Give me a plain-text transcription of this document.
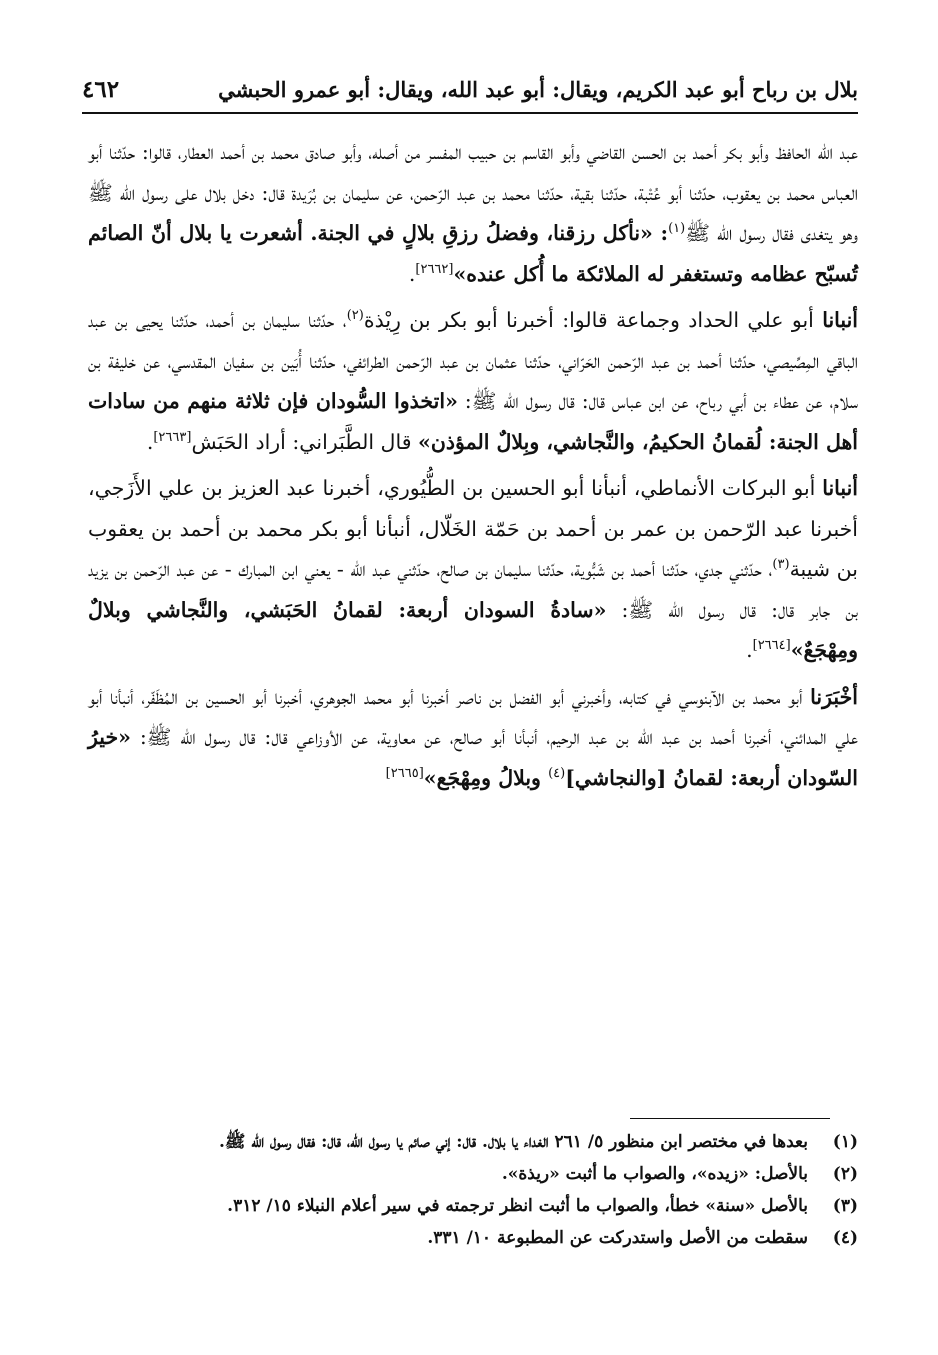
بلال بن رباح أبو عبد الكريم، ويقال: أبو عبد الله، ويقال: أبو عمرو الحبشي
٤٦٢

عبد الله الحافظ وأبو بكر أحمد بن الحسن القاضي وأبو القاسم بن حبيب المفسر من أصله، وأبو صادق محمد بن أحمد العطار، قالوا: حدّثنا أبو العباس محمد بن يعقوب، حدّثنا أبو عُتْبة، حدّثنا بقية، حدّثنا محمد بن عبد الرّحمن، عن سليمان بن بُرَيدة قال: دخل بلال على رسول الله ﷺ وهو يتغدى فقال رسول الله ﷺ$^{(١)}$: «نأكل رزقنا، وفضلُ رزقِ بلالٍ في الجنة. أشعرت يا بلال أنّ الصائم تُسبّح عظامه وتستغفر له الملائكة ما أُكل عنده»[٢٦٦٢].

أنبانا أبو علي الحداد وجماعة قالوا: أخبرنا أبو بكر بن رِيْذة$^{(٢)}$، حدّثنا سليمان بن أحمد، حدّثنا يحيى بن عبد الباقي المِصِّيصي، حدّثنا أحمد بن عبد الرّحمن الحَرّاني، حدّثنا عثمان بن عبد الرّحمن الطرائفي، حدّثنا أُبَين بن سفيان المقدسي، عن خليفة بن سلام، عن عطاء بن أبي رباح، عن ابن عباس قال: قال رسول الله ﷺ: «اتخذوا السُّودان فإن ثلاثة منهم من سادات أهل الجنة: لُقمانُ الحكيمُ، والنَّجاشي، وبِلالٌ المؤذن» قال الطَّبَراني: أراد الحَبَش[٢٦٦٣].

أنبانا أبو البركات الأنماطي، أنبأنا أبو الحسين بن الطُّيُوري، أخبرنا عبد العزيز بن علي الأَزَجي، أخبرنا عبد الرّحمن بن عمر بن أحمد بن حَمّة الخَلّال، أنبأنا أبو بكر محمد بن أحمد بن يعقوب بن شيبة$^{(٣)}$، حدّثني جدي، حدّثنا أحمد بن شَبُّوية، حدّثنا سليمان بن صالح، حدّثني عبد الله - يعني ابن المبارك - عن عبد الرّحمن بن يزيد بن جابر قال: قال رسول الله ﷺ: «سادةُ السودان أربعة: لقمانُ الحَبَشي، والنَّجاشي وبلالٌ ومِهْجَعٌ»[٢٦٦٤].

أخْبَرَنا أبو محمد بن الآبنوسي في كتابه، وأخبرني أبو الفضل بن ناصر أخبرنا أبو محمد الجوهري، أخبرنا أبو الحسين بن المُظَفّر، أنبأنا أبو علي المدائني، أخبرنا أحمد بن عبد الله بن عبد الرحيم، أنبأنا أبو صالح، عن معاوية، عن الأوزاعي قال: قال رسول الله ﷺ: «خيرُ السّودان أربعة: لقمانُ [والنجاشي]$^{(٤)}$ وبلالُ ومِهْجَع»[٢٦٦٥]

(١)
بعدها في مختصر ابن منظور ٥/ ٢٦١ الغداء يا بلال. قال: إني صائم يا رسول الله، قال: فقال رسول الله ﷺ.
(٢)
بالأصل: «زيده»، والصواب ما أثبت «ريذة».
(٣)
بالأصل «سنة» خطأ، والصواب ما أثبت انظر ترجمته في سير أعلام النبلاء ١٥/ ٣١٢.
(٤)
سقطت من الأصل واستدركت عن المطبوعة ١٠/ ٣٣١.
